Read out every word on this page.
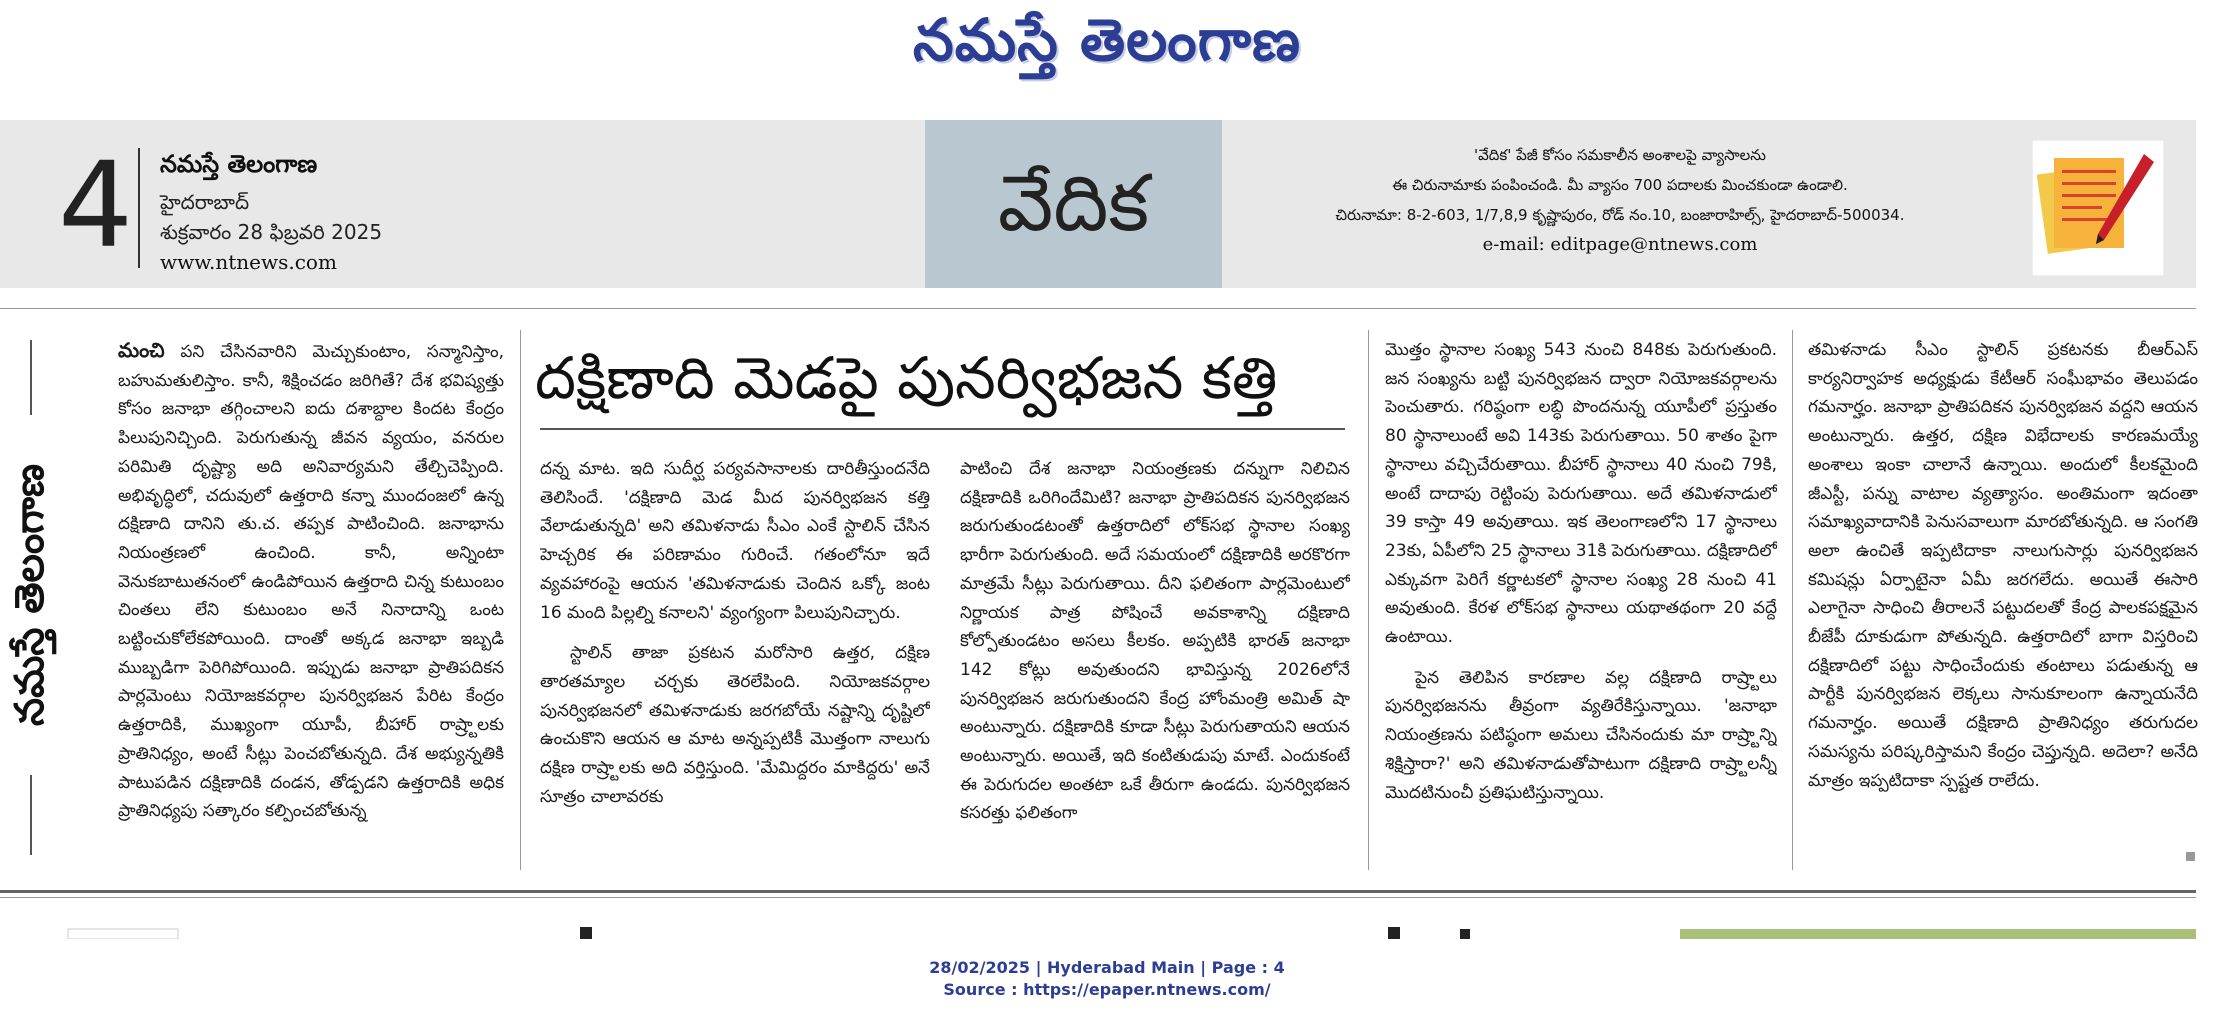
నమస్తే తెలంగాణ
4 నమస్తే తెలంగాణ
హైదరాబాద్
శుక్రవారం 28 ఫిబ్రవరి 2025
www.ntnews.com
వేదిక
'వేదిక' పేజీ కోసం సమకాలీన అంశాలపై వ్యాసాలను
ఈ చిరునామాకు పంపించండి. మీ వ్యాసం 700 పదాలకు మించకుండా ఉండాలి.
చిరునామా: 8-2-603, 1/7,8,9 కృష్ణాపురం, రోడ్ నం.10, బంజారాహిల్స్, హైదరాబాద్-500034.
e-mail: editpage@ntnews.com
నమస్తే తెలంగాణ

మంచి పని చేసినవారిని మెచ్చుకుంటాం, సన్మానిస్తాం, బహుమతులిస్తాం. కానీ, శిక్షించడం జరిగితే? దేశ భవిష్యత్తు కోసం జనాభా తగ్గించాలని ఐదు దశాబ్దాల కిందట కేంద్రం పిలుపునిచ్చింది. పెరుగుతున్న జీవన వ్యయం, వనరుల పరిమితి దృష్ట్యా అది అనివార్యమని తేల్చిచెప్పింది. అభివృద్ధిలో, చదువులో ఉత్తరాది కన్నా ముందంజలో ఉన్న దక్షిణాది దానిని తు.చ. తప్పక పాటించింది. జనాభాను నియంత్రణలో ఉంచింది. కానీ, అన్నింటా వెనుకబాటుతనంలో ఉండిపోయిన ఉత్తరాది చిన్న కుటుంబం చింతలు లేని కుటుంబం అనే నినాదాన్ని ఒంట బట్టించుకోలేకపోయింది. దాంతో అక్కడ జనాభా ఇబ్బడి ముబ్బడిగా పెరిగిపోయింది. ఇప్పుడు జనాభా ప్రాతిపదికన పార్లమెంటు నియోజకవర్గాల పునర్విభజన పేరిట కేంద్రం ఉత్తరాదికి, ముఖ్యంగా యూపీ, బీహార్ రాష్ర్టాలకు ప్రాతినిధ్యం, అంటే సీట్లు పెంచబోతున్నది. దేశ అభ్యున్నతికి పాటుపడిన దక్షిణాదికి దండన, తోడ్పడని ఉత్తరాదికి అధిక ప్రాతినిధ్యపు సత్కారం కల్పించబోతున్న

దక్షిణాది మెడపై పునర్విభజన కత్తి

దన్న మాట. ఇది సుదీర్ఘ పర్యవసానాలకు దారితీస్తుందనేది తెలిసిందే. 'దక్షిణాది మెడ మీద పునర్విభజన కత్తి వేలాడుతున్నది' అని తమిళనాడు సీఎం ఎంకే స్టాలిన్ చేసిన హెచ్చరిక ఈ పరిణామం గురించే. గతంలోనూ ఇదే వ్యవహారంపై ఆయన 'తమిళనాడుకు చెందిన ఒక్కో జంట 16 మంది పిల్లల్ని కనాలని' వ్యంగ్యంగా పిలుపునిచ్చారు.

స్టాలిన్ తాజా ప్రకటన మరోసారి ఉత్తర, దక్షిణ తారతమ్యాల చర్చకు తెరలేపింది. నియోజకవర్గాల పునర్విభజనలో తమిళనాడుకు జరగబోయే నష్టాన్ని దృష్టిలో ఉంచుకొని ఆయన ఆ మాట అన్నప్పటికీ మొత్తంగా నాలుగు దక్షిణ రాష్ర్టాలకు అది వర్తిస్తుంది. 'మేమిద్దరం మాకిద్దరు' అనే సూత్రం చాలావరకు

పాటించి దేశ జనాభా నియంత్రణకు దన్నుగా నిలిచిన దక్షిణాదికి ఒరిగిందేమిటి? జనాభా ప్రాతిపదికన పునర్విభజన జరుగుతుండటంతో ఉత్తరాదిలో లోక్‌సభ స్థానాల సంఖ్య భారీగా పెరుగుతుంది. అదే సమయంలో దక్షిణాదికి అరకొరగా మాత్రమే సీట్లు పెరుగుతాయి. దీని ఫలితంగా పార్లమెంటులో నిర్ణాయక పాత్ర పోషించే అవకాశాన్ని దక్షిణాది కోల్పోతుండటం అసలు కీలకం. అప్పటికి భారత్ జనాభా 142 కోట్లు అవుతుందని భావిస్తున్న 2026లోనే పునర్విభజన జరుగుతుందని కేంద్ర హోంమంత్రి అమిత్ షా అంటున్నారు. దక్షిణాదికి కూడా సీట్లు పెరుగుతాయని ఆయన అంటున్నారు. అయితే, ఇది కంటితుడుపు మాటే. ఎందుకంటే ఈ పెరుగుదల అంతటా ఒకే తీరుగా ఉండదు. పునర్విభజన కసరత్తు ఫలితంగా

మొత్తం స్థానాల సంఖ్య 543 నుంచి 848కు పెరుగుతుంది. జన సంఖ్యను బట్టి పునర్విభజన ద్వారా నియోజకవర్గాలను పెంచుతారు. గరిష్ఠంగా లబ్ధి పొందనున్న యూపీలో ప్రస్తుతం 80 స్థానాలుంటే అవి 143కు పెరుగుతాయి. 50 శాతం పైగా స్థానాలు వచ్చిచేరుతాయి. బీహార్ స్థానాలు 40 నుంచి 79కి, అంటే దాదాపు రెట్టింపు పెరుగుతాయి. అదే తమిళనాడులో 39 కాస్తా 49 అవుతాయి. ఇక తెలంగాణలోని 17 స్థానాలు 23కు, ఏపీలోని 25 స్థానాలు 31కి పెరుగుతాయి. దక్షిణాదిలో ఎక్కువగా పెరిగే కర్ణాటకలో స్థానాల సంఖ్య 28 నుంచి 41 అవుతుంది. కేరళ లోక్‌సభ స్థానాలు యథాతథంగా 20 వద్దే ఉంటాయి.

పైన తెలిపిన కారణాల వల్ల దక్షిణాది రాష్ర్టాలు పునర్విభజనను తీవ్రంగా వ్యతిరేకిస్తున్నాయి. 'జనాభా నియంత్రణను పటిష్ఠంగా అమలు చేసినందుకు మా రాష్ర్టాన్ని శిక్షిస్తారా?' అని తమిళనాడుతోపాటుగా దక్షిణాది రాష్ర్టాలన్నీ మొదటినుంచీ ప్రతిఘటిస్తున్నాయి.

తమిళనాడు సీఎం స్టాలిన్ ప్రకటనకు బీఆర్‌ఎస్ కార్యనిర్వాహక అధ్యక్షుడు కేటీఆర్ సంఘీభావం తెలుపడం గమనార్హం. జనాభా ప్రాతిపదికన పునర్విభజన వద్దని ఆయన అంటున్నారు. ఉత్తర, దక్షిణ విభేదాలకు కారణమయ్యే అంశాలు ఇంకా చాలానే ఉన్నాయి. అందులో కీలకమైంది జీఎస్టీ, పన్ను వాటాల వ్యత్యాసం. అంతిమంగా ఇదంతా సమాఖ్యవాదానికి పెనుసవాలుగా మారబోతున్నది. ఆ సంగతి అలా ఉంచితే ఇప్పటిదాకా నాలుగుసార్లు పునర్విభజన కమిషన్లు ఏర్పాటైనా ఏమీ జరగలేదు. అయితే ఈసారి ఎలాగైనా సాధించి తీరాలనే పట్టుదలతో కేంద్ర పాలకపక్షమైన బీజేపీ దూకుడుగా పోతున్నది. ఉత్తరాదిలో బాగా విస్తరించి దక్షిణాదిలో పట్టు సాధించేందుకు తంటాలు పడుతున్న ఆ పార్టీకి పునర్విభజన లెక్కలు సానుకూలంగా ఉన్నాయనేది గమనార్హం. అయితే దక్షిణాది ప్రాతినిధ్యం తరుగుదల సమస్యను పరిష్కరిస్తామని కేంద్రం చెప్తున్నది. అదెలా? అనేది మాత్రం ఇప్పటిదాకా స్పష్టత రాలేదు.

28/02/2025 | Hyderabad Main | Page : 4
Source : https://epaper.ntnews.com/
